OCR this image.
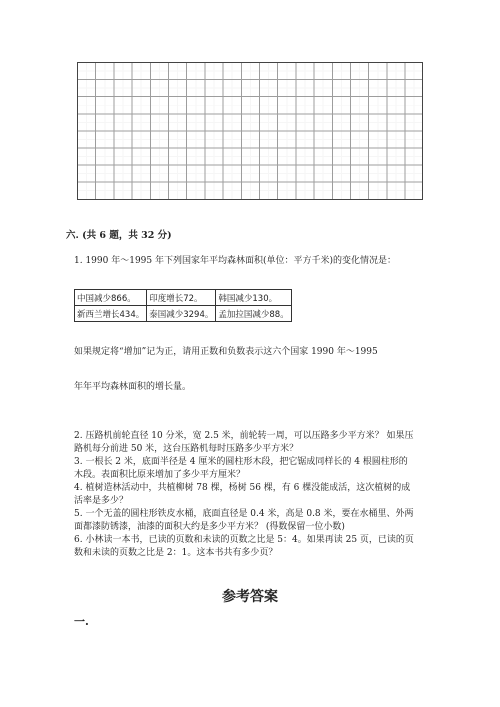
六. (共 6 题，共 32 分)
1. 1990 年～1995 年下列国家年平均森林面积(单位：平方千米)的变化情况是：
中国减少866。	印度增长72。	韩国减少130。
新西兰增长434。	泰国减少3294。	孟加拉国减少88。
如果规定将“增加”记为正，请用正数和负数表示这六个国家 1990 年～1995
年年平均森林面积的增长量。

2. 压路机前轮直径 10 分米，宽 2.5 米，前轮转一周，可以压路多少平方米？ 如果压路机每分前进 50 米，这台压路机每时压路多少平方米？

3. 一根长 2 米，底面半径是 4 厘米的圆柱形木段，把它锯成同样长的 4 根圆柱形的木段。表面积比原来增加了多少平方厘米？

4. 植树造林活动中，共植柳树 78 棵，杨树 56 棵，有 6 棵没能成活，这次植树的成活率是多少？

5. 一个无盖的圆柱形铁皮水桶，底面直径是 0.4 米，高是 0.8 米，要在水桶里、外两面都漆防锈漆，油漆的面积大约是多少平方米？ (得数保留一位小数)

6. 小林读一本书，已读的页数和未读的页数之比是 5：4。如果再读 25 页，已读的页数和未读的页数之比是 2：1。这本书共有多少页？

参考答案
一.
